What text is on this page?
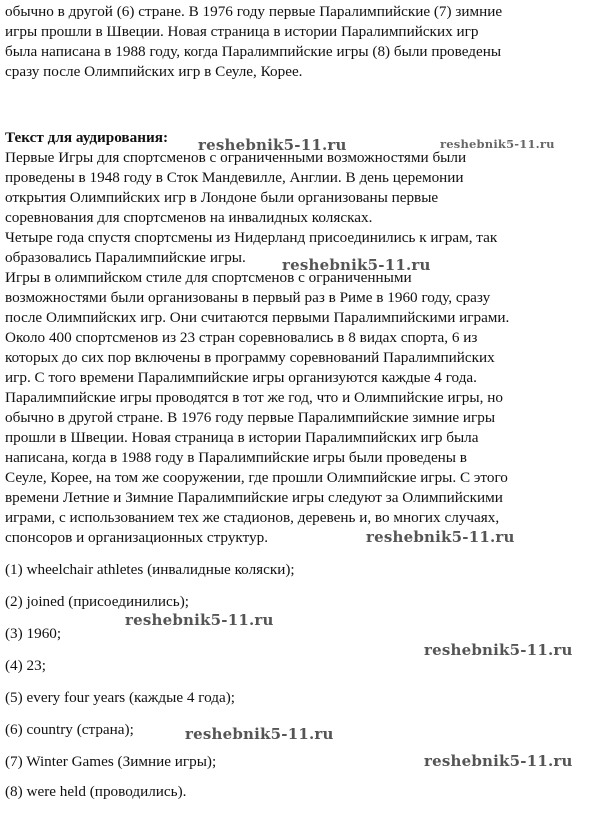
обычно в другой (6) стране. В 1976 году первые Паралимпийские (7) зимние
игры прошли в Швеции. Новая страница в истории Паралимпийских игр
была написана в 1988 году, когда Паралимпийские игры (8) были проведены
сразу после Олимпийских игр в Сеуле, Корее.
Текст для аудирования:
Первые Игры для спортсменов с ограниченными возможностями были
проведены в 1948 году в Сток Мандевилле, Англии. В день церемонии
открытия Олимпийских игр в Лондоне были организованы первые
соревнования для спортсменов на инвалидных колясках.
Четыре года спустя спортсмены из Нидерланд присоединились к играм, так
образовались Паралимпийские игры.
Игры в олимпийском стиле для спортсменов с ограниченными
возможностями были организованы в первый раз в Риме в 1960 году, сразу
после Олимпийских игр. Они считаются первыми Паралимпийскими играми.
Около 400 спортсменов из 23 стран соревновались в 8 видах спорта, 6 из
которых до сих пор включены в программу соревнований Паралимпийских
игр. С того времени Паралимпийские игры организуются каждые 4 года.
Паралимпийские игры проводятся в тот же год, что и Олимпийские игры, но
обычно в другой стране. В 1976 году первые Паралимпийские зимние игры
прошли в Швеции. Новая страница в истории Паралимпийских игр была
написана, когда в 1988 году в Паралимпийские игры были проведены в
Сеуле, Корее, на том же сооружении, где прошли Олимпийские игры. С этого
времени Летние и Зимние Паралимпийские игры следуют за Олимпийскими
играми, с использованием тех же стадионов, деревень и, во многих случаях,
спонсоров и организационных структур.
(1) wheelchair athletes (инвалидные коляски);
(2) joined (присоединились);
(3) 1960;
(4) 23;
(5) every four years (каждые 4 года);
(6) country (страна);
(7) Winter Games (Зимние игры);
(8) were held (проводились).
reshebnik5-11.ru	reshebnik5-11.ru
reshebnik5-11.ru
reshebnik5-11.ru
reshebnik5-11.ru
reshebnik5-11.ru
reshebnik5-11.ru
reshebnik5-11.ru
